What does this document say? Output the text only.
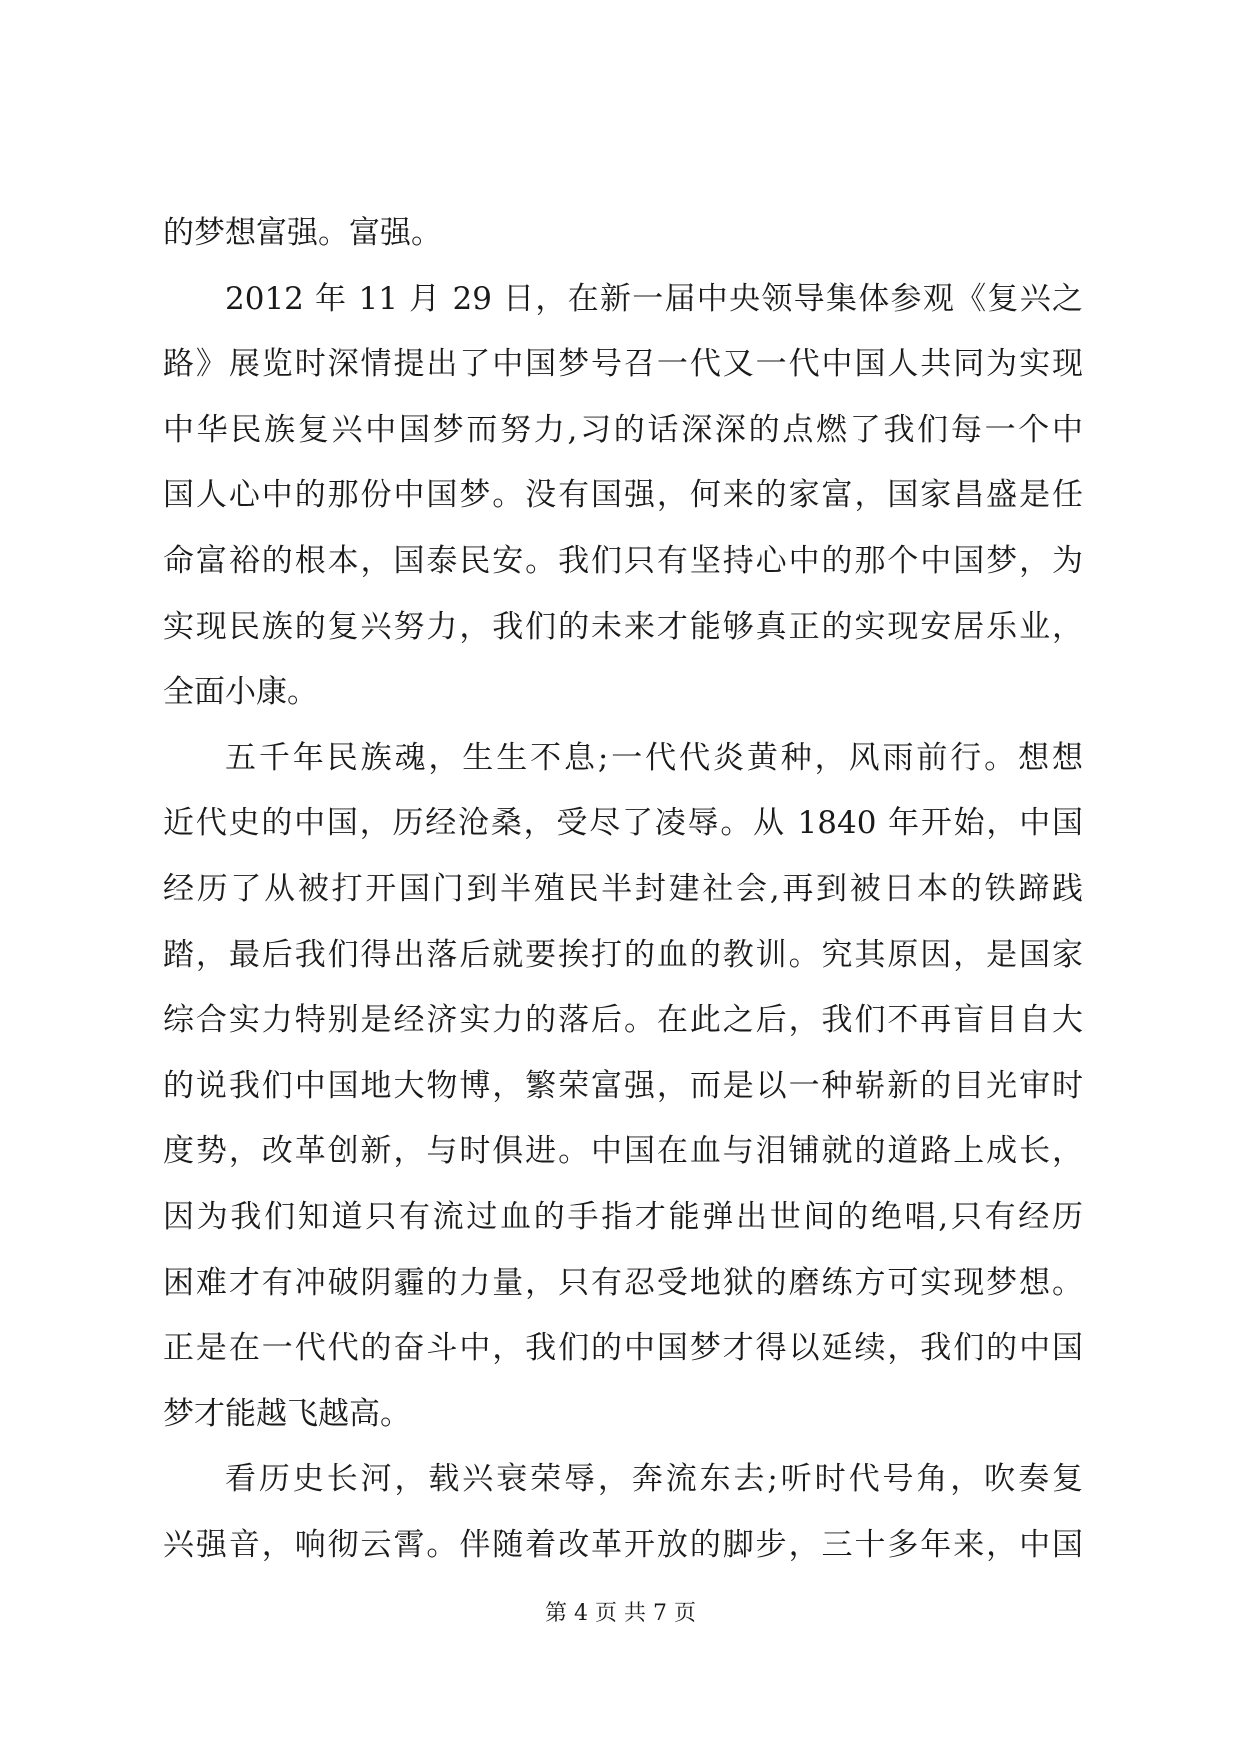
的梦想富强。富强。
2012 年 11 月 29 日，在新一届中央领导集体参观《复兴之
路》展览时深情提出了中国梦号召一代又一代中国人共同为实现
中华民族复兴中国梦而努力,习的话深深的点燃了我们每一个中
国人心中的那份中国梦。没有国强，何来的家富，国家昌盛是任
命富裕的根本，国泰民安。我们只有坚持心中的那个中国梦，为
实现民族的复兴努力，我们的未来才能够真正的实现安居乐业，
全面小康。
五千年民族魂，生生不息;一代代炎黄种，风雨前行。想想
近代史的中国，历经沧桑，受尽了凌辱。从 1840 年开始，中国
经历了从被打开国门到半殖民半封建社会,再到被日本的铁蹄践
踏，最后我们得出落后就要挨打的血的教训。究其原因，是国家
综合实力特别是经济实力的落后。在此之后，我们不再盲目自大
的说我们中国地大物博，繁荣富强，而是以一种崭新的目光审时
度势，改革创新，与时俱进。中国在血与泪铺就的道路上成长，
因为我们知道只有流过血的手指才能弹出世间的绝唱,只有经历
困难才有冲破阴霾的力量，只有忍受地狱的磨练方可实现梦想。
正是在一代代的奋斗中，我们的中国梦才得以延续，我们的中国
梦才能越飞越高。
看历史长河，载兴衰荣辱，奔流东去;听时代号角，吹奏复
兴强音，响彻云霄。伴随着改革开放的脚步，三十多年来，中国
第 4 页 共 7 页
